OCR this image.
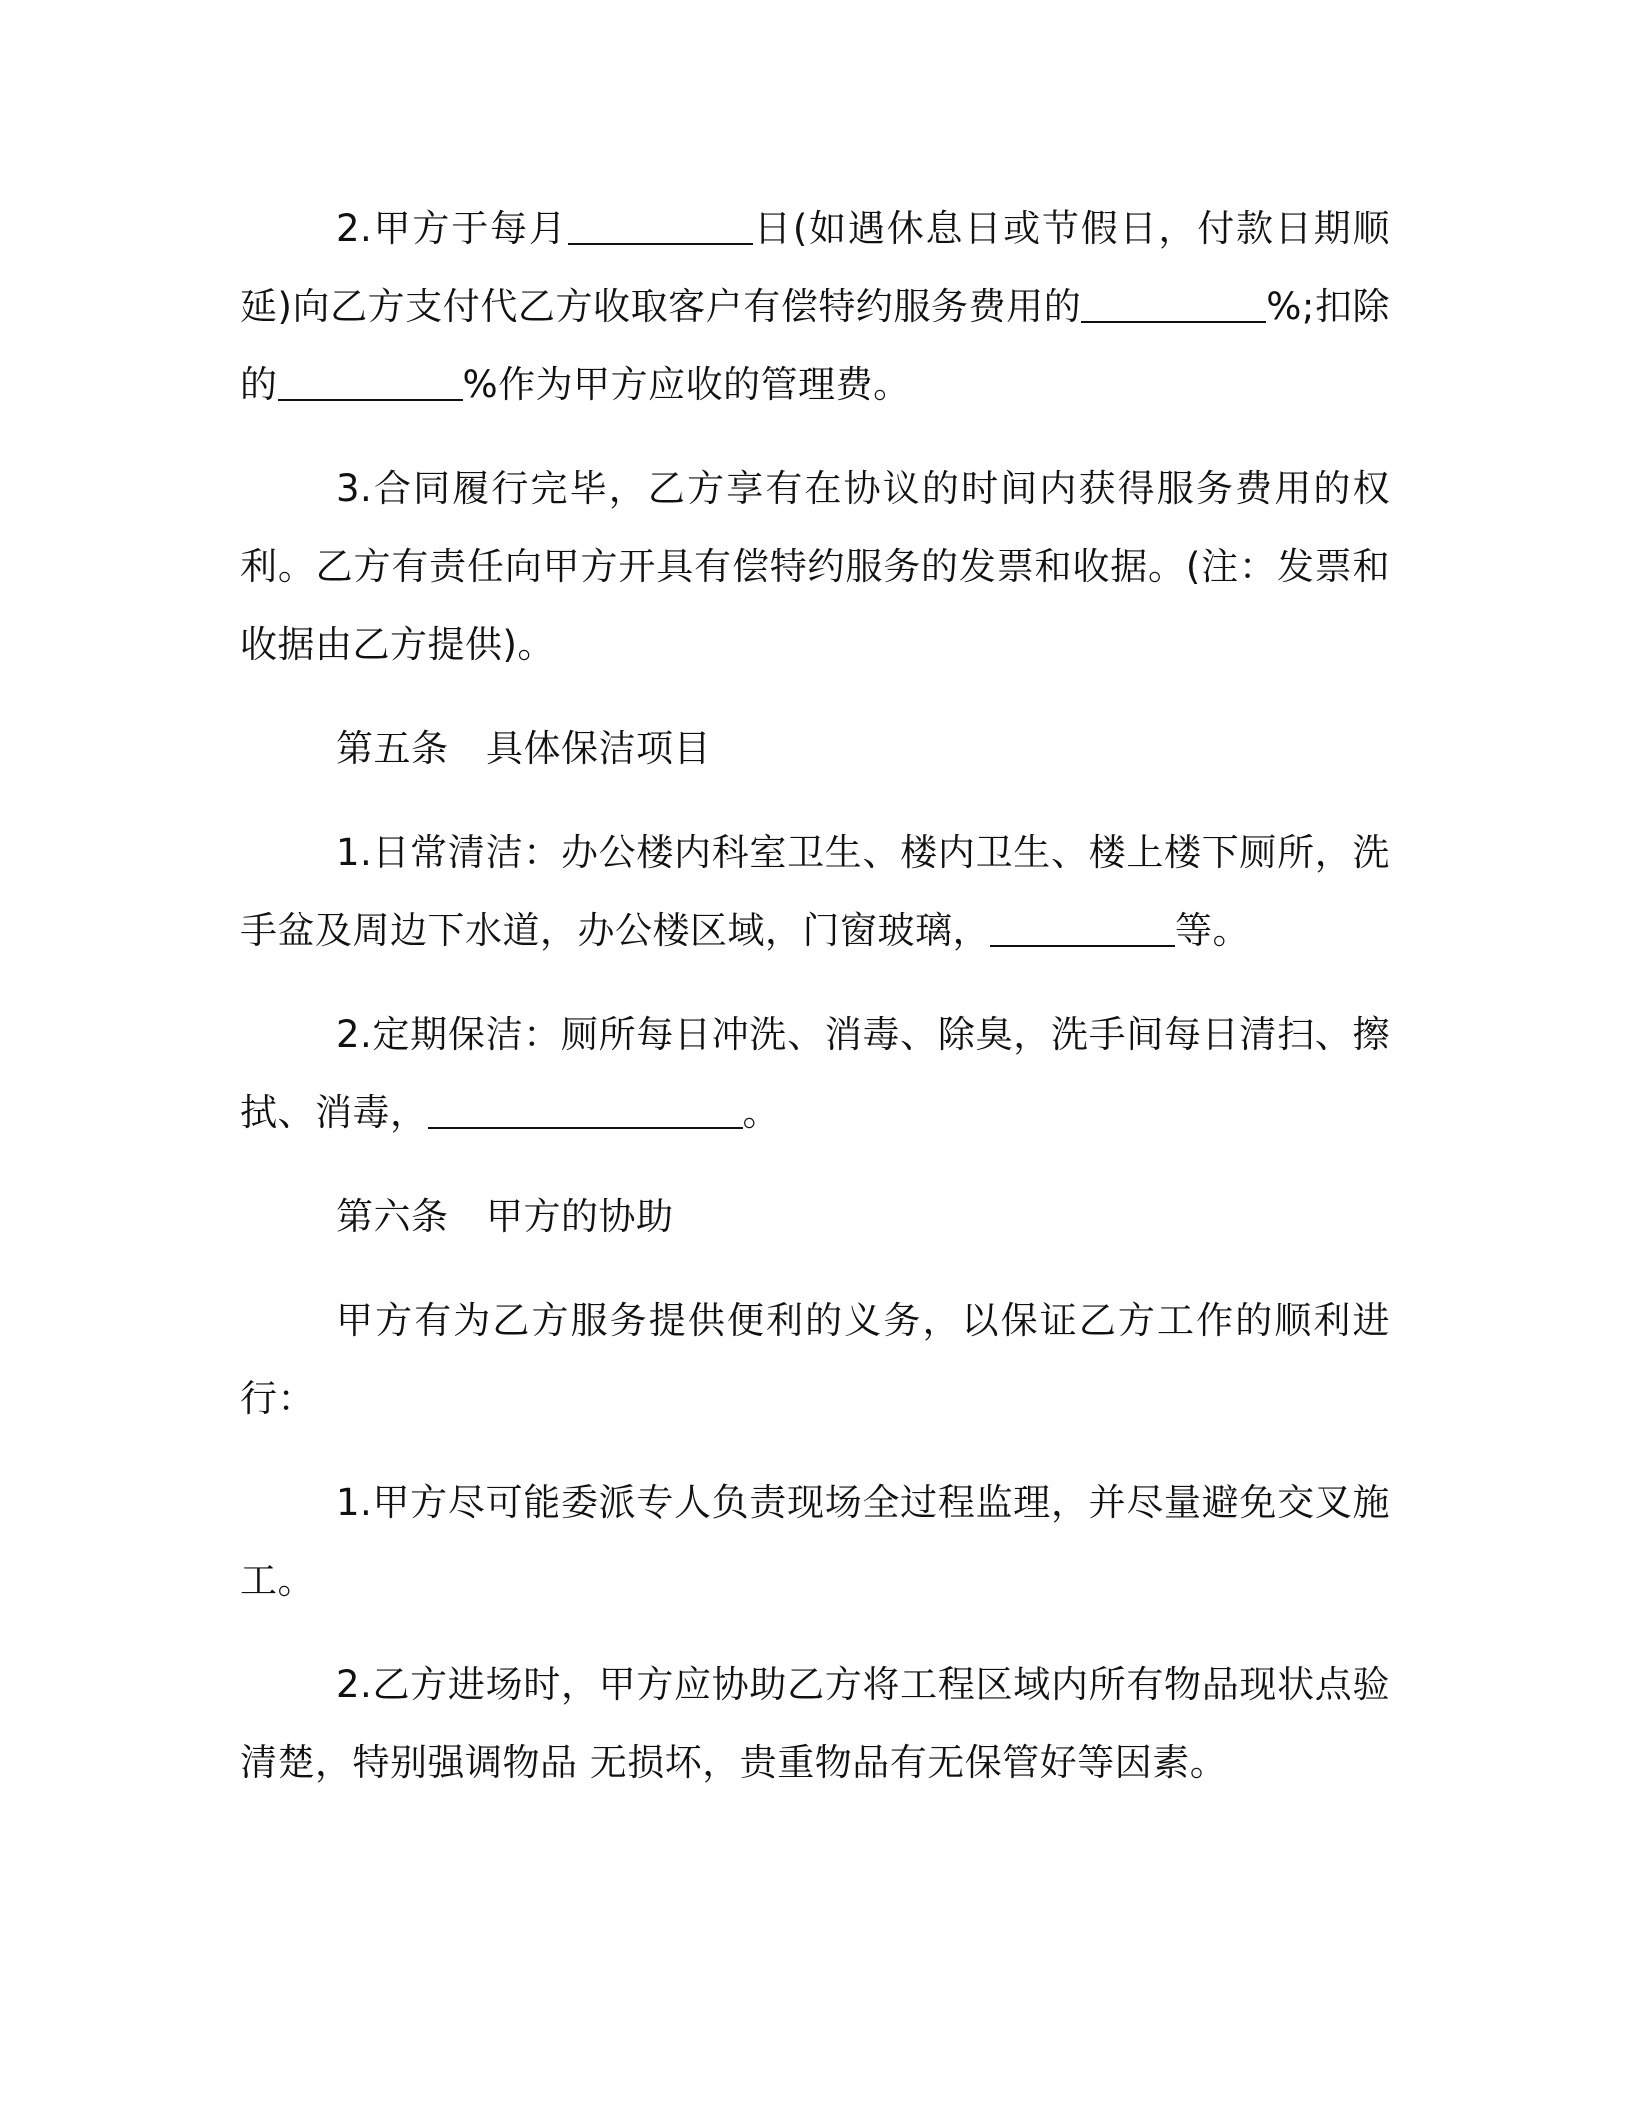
2.甲方于每月	日(如遇休息日或节假日，付款日期顺延)向乙方支付代乙方收取客户有偿特约服务费用的	%;扣除的	%作为甲方应收的管理费。

3.合同履行完毕，乙方享有在协议的时间内获得服务费用的权利。乙方有责任向甲方开具有偿特约服务的发票和收据。(注：发票和收据由乙方提供)。

第五条　具体保洁项目

1.日常清洁：办公楼内科室卫生、楼内卫生、楼上楼下厕所，洗手盆及周边下水道，办公楼区域，门窗玻璃，	等。

2.定期保洁：厕所每日冲洗、消毒、除臭，洗手间每日清扫、擦拭、消毒，	。

第六条　甲方的协助

甲方有为乙方服务提供便利的义务，以保证乙方工作的顺利进行：

1.甲方尽可能委派专人负责现场全过程监理，并尽量避免交叉施工。

2.乙方进场时，甲方应协助乙方将工程区域内所有物品现状点验清楚，特别强调物品 无损坏，贵重物品有无保管好等因素。
